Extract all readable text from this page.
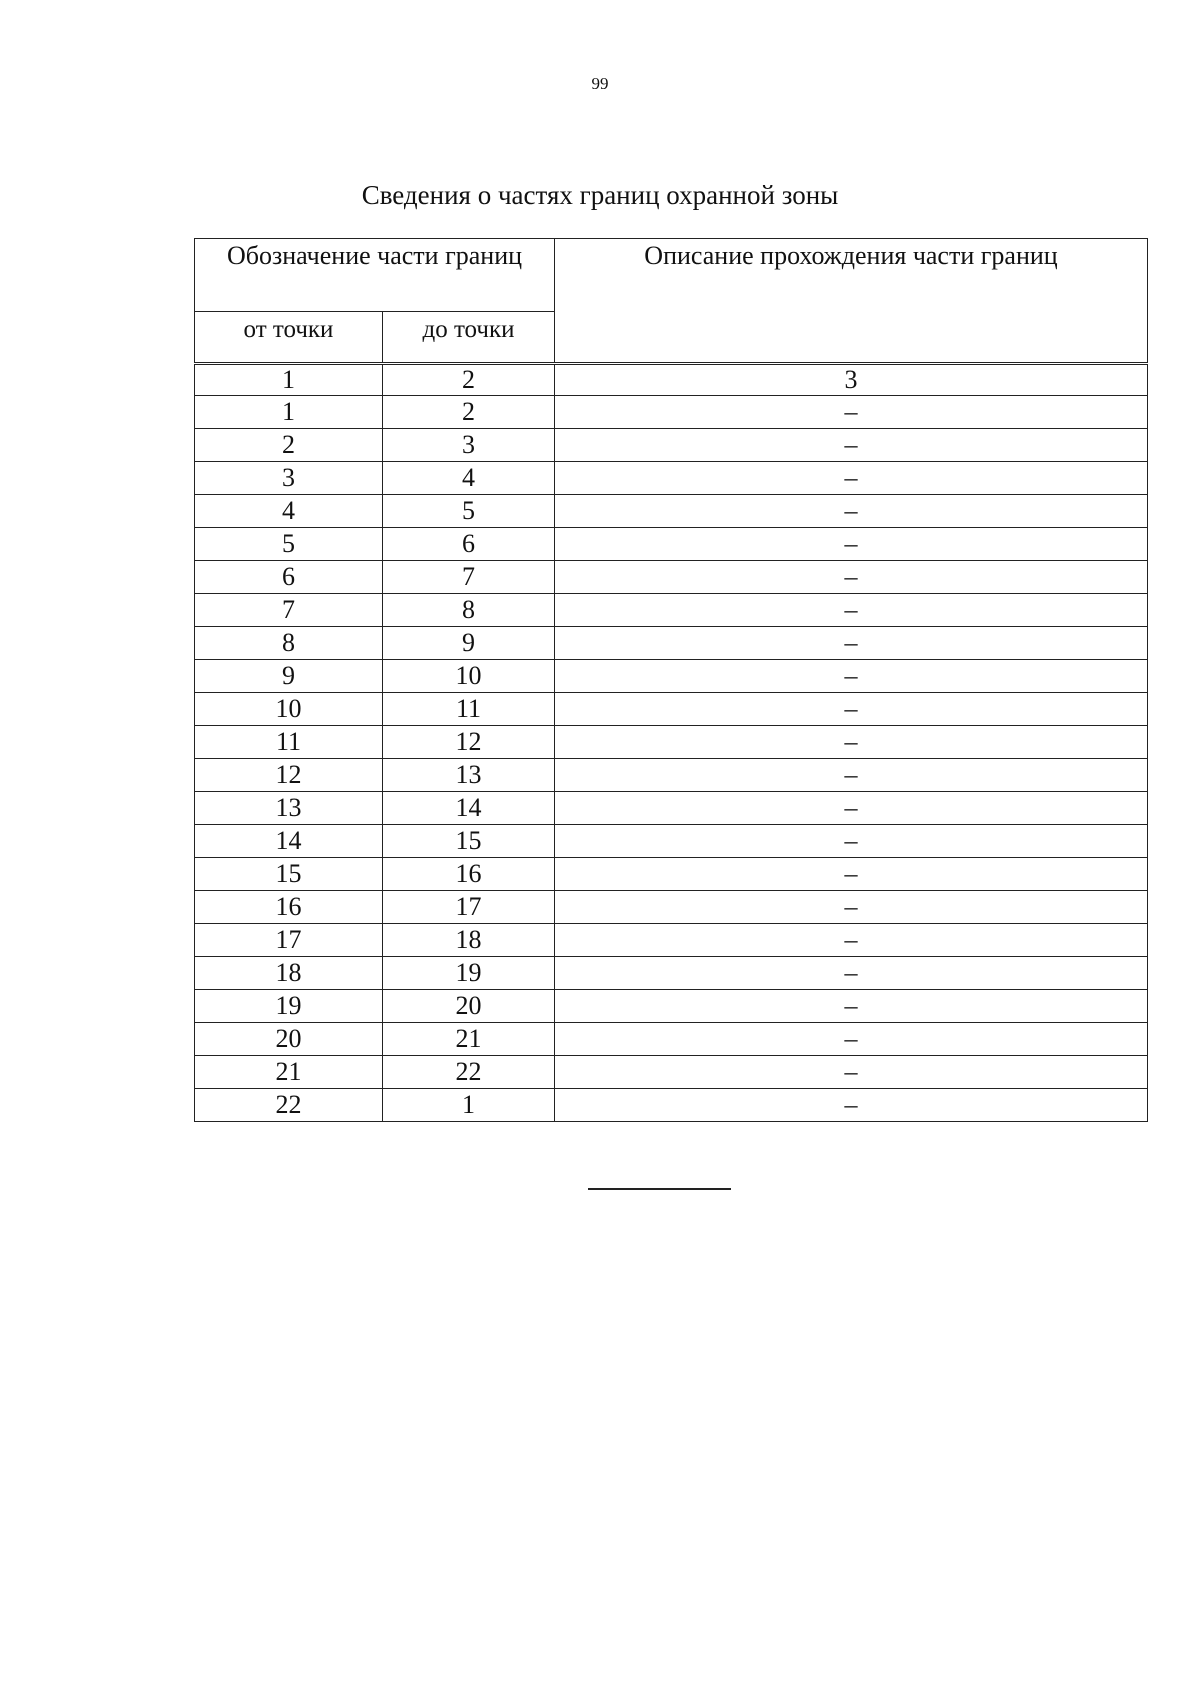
99
Сведения о частях границ охранной зоны
Обозначение части границ		Описание прохождения части границ
от точки	до точки	
1	2	3
1	2	–
2	3	–
3	4	–
4	5	–
5	6	–
6	7	–
7	8	–
8	9	–
9	10	–
10	11	–
11	12	–
12	13	–
13	14	–
14	15	–
15	16	–
16	17	–
17	18	–
18	19	–
19	20	–
20	21	–
21	22	–
22	1	–
